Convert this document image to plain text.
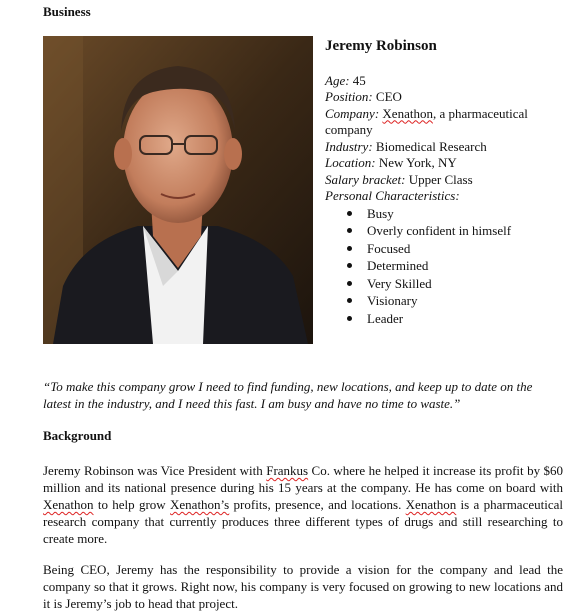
Business
Jeremy Robinson

Age: 45

Position: CEO

Company: Xenathon, a pharmaceutical company

Industry: Biomedical Research

Location: New York, NY

Salary bracket: Upper Class

Personal Characteristics:

Busy
Overly confident in himself
Focused
Determined
Very Skilled
Visionary
Leader
“To make this company grow I need to find funding, new locations, and keep up to date on the latest in the industry, and I need this fast. I am busy and have no time to waste.”
Background
Jeremy Robinson was Vice President with Frankus Co. where he helped it increase its profit by $60 million and its national presence during his 15 years at the company. He has come on board with Xenathon to help grow Xenathon’s profits, presence, and locations. Xenathon is a pharmaceutical research company that currently produces three different types of drugs and still researching to create more.
Being CEO, Jeremy has the responsibility to provide a vision for the company and lead the company so that it grows. Right now, his company is very focused on growing to new locations and it is Jeremy’s job to head that project.
